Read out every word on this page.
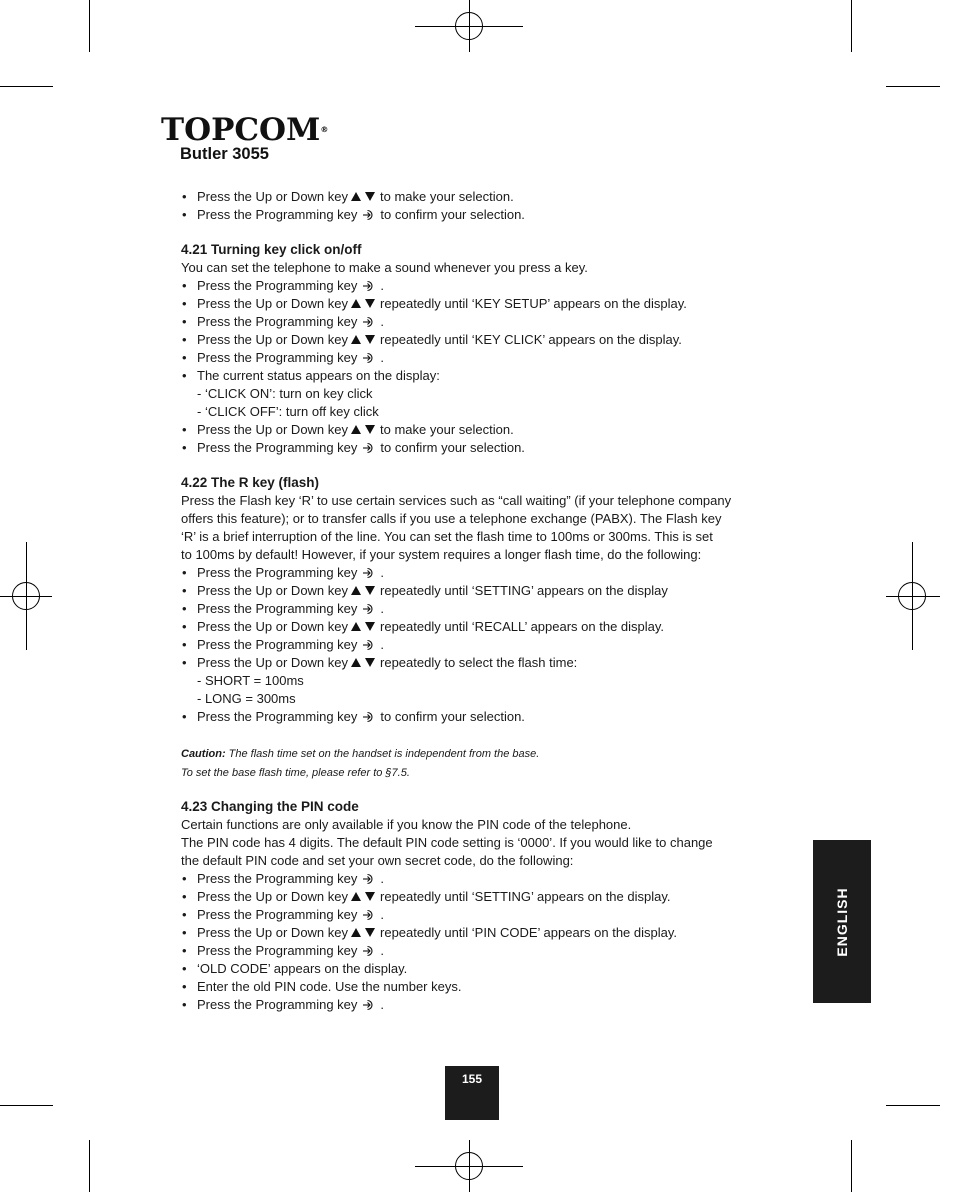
TOPCOM®
Butler 3055
• Press the Up or Down key to make your selection.
• Press the Programming key to confirm your selection.
4.21 Turning key click on/off

You can set the telephone to make a sound whenever you press a key.

• Press the Programming key .
• Press the Up or Down key repeatedly until ‘KEY SETUP’ appears on the display.
• Press the Programming key .
• Press the Up or Down key repeatedly until ‘KEY CLICK’ appears on the display.
• Press the Programming key .
• The current status appears on the display:
- ‘CLICK ON’: turn on key click
- ‘CLICK OFF’: turn off key click
• Press the Up or Down key to make your selection.
• Press the Programming key to confirm your selection.
4.22 The R key (flash)
Press the Flash key ‘R’ to use certain services such as “call waiting” (if your telephone company
offers this feature); or to transfer calls if you use a telephone exchange (PABX). The Flash key
‘R’ is a brief interruption of the line. You can set the flash time to 100ms or 300ms. This is set
to 100ms by default! However, if your system requires a longer flash time, do the following:
• Press the Programming key .
• Press the Up or Down key repeatedly until ‘SETTING’ appears on the display
• Press the Programming key .
• Press the Up or Down key repeatedly until ‘RECALL’ appears on the display.
• Press the Programming key .
• Press the Up or Down key repeatedly to select the flash time:
- SHORT = 100ms
- LONG = 300ms
• Press the Programming key to confirm your selection.

Caution: The flash time set on the handset is independent from the base.
To set the base flash time, please refer to §7.5.

4.23 Changing the PIN code
Certain functions are only available if you know the PIN code of the telephone.
The PIN code has 4 digits. The default PIN code setting is ‘0000’. If you would like to change
the default PIN code and set your own secret code, do the following:
• Press the Programming key .
• Press the Up or Down key repeatedly until ‘SETTING’ appears on the display.
• Press the Programming key .
• Press the Up or Down key repeatedly until ‘PIN CODE’ appears on the display.
• Press the Programming key .
• ‘OLD CODE’ appears on the display.
• Enter the old PIN code. Use the number keys.
• Press the Programming key .
ENGLISH
155
